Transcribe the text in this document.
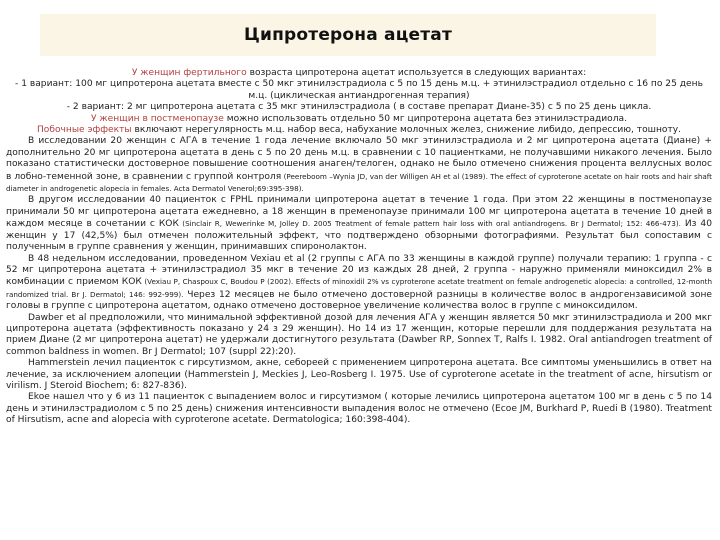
Ципротерона ацетат

У женщин фертильного возраста ципротерона ацетат используется в следующих вариантах:

- 1 вариант: 100 мг ципротерона ацетата вместе с 50 мкг этинилэстрадиола с 5 по 15 день м.ц. + этинилэстрадиол отдельно с 16 по 25 день м.ц. (циклическая антиандрогенная терапия)

- 2 вариант: 2 мг ципротерона ацетата с 35 мкг этинилэстрадиола ( в составе препарат Диане-35) с 5 по 25 день цикла.

У женщин в постменопаузе можно использовать отдельно 50 мг ципротерона ацетата без этинилэстрадиола.

Побочные эффекты включают нерегулярность м.ц. набор веса, набухание молочных желез, снижение либидо, депрессию, тошноту.

В исследовании 20 женщин с АГА в течение 1 года лечение включало 50 мкг этинилэстрадиола и 2 мг ципротерона ацетата (Диане) + дополнительно 20 мг ципротерона ацетата в день с 5 по 20 день м.ц. в сравнении с 10 пациентками, не получавшими никакого лечения. Было показано статистически достоверное повышение соотношения анаген/телоген, однако не было отмечено снижения процента веллусных волос в лобно-теменной зоне, в сравнении с группой контроля (Peereboom –Wynia JD, van der Willigen AH et al (1989). The effect of cyproterone acetate on hair roots and hair shaft diameter in androgenetic alopecia in females. Acta Dermatol Venerol;69:395-398).

В другом исследовании 40 пациенток с FPHL принимали ципротерона ацетат в течение 1 года. При этом 22 женщины в постменопаузе принимали 50 мг ципротерона ацетата ежедневно, а 18 женщин в пременопаузе принимали 100 мг ципротерона ацетата в течение 10 дней в каждом месяце в сочетании с КОК (Sinclair R, Wewerinke M, Jolley D. 2005 Treatment of female pattern hair loss with oral antiandrogens. Br J Dermatol; 152: 466-473). Из 40 женщин у 17 (42,5%) был отмечен положительный эффект, что подтверждено обзорными фотографиями. Результат был сопоставим с полученным в группе сравнения у женщин, принимавших спиронолактон.

В 48 недельном исследовании, проведенном Vexiau et al (2 группы с АГА по 33 женщины в каждой группе) получали терапию: 1 группа - с 52 мг ципротерона ацетата + этинилэстрадиол 35 мкг в течение 20 из каждых 28 дней, 2 группа - наружно применяли миноксидил 2% в комбинации с приемом КОК (Vexiau P, Chaspoux C, Boudou P (2002). Effects of minoxidil 2% vs cyproterone acetate treatment on female androgenetic alopecia: a controlled, 12-month randomized trial. Br J. Dermatol; 146: 992-999). Через 12 месяцев не было отмечено достоверной разницы в количестве волос в андрогензависимой зоне головы в группе с ципротерона ацетатом, однако отмечено достоверное увеличение количества волос в группе с миноксидилом.

Dawber et al предположили, что минимальной эффективной дозой для лечения АГА у женщин является 50 мкг этинилэстрадиола и 200 мкг ципротерона ацетата (эффективность показано у 24 з 29 женщин). Но 14 из 17 женщин, которые перешли для поддержания результата на прием Диане (2 мг ципротерона ацетат) не удержали достигнутого результата (Dawber RP, Sonnex T, Ralfs I. 1982. Oral antiandrogen treatment of common baldness in women. Br J Dermatol; 107 (suppl 22):20).

Hammerstein лечил пациенток с гирсутизмом, акне, себореей с применением ципротерона ацетата. Все симптомы уменьшились в ответ на лечение, за исключением алопеции (Hammerstein J, Meckies J, Leo-Rosberg I. 1975. Use of cyproterone acetate in the treatment of acne, hirsutism or virilism. J Steroid Biochem; 6: 827-836).

Ekoe нашел что у 6 из 11 пациенток с выпадением волос и гирсутизмом ( которые лечились ципротерона ацетатом 100 мг в день с 5 по 14 день и этинилэстрадиолом с 5 по 25 день) снижения интенсивности выпадения волос не отмечено (Ecoe JM, Burkhard P, Ruedi B (1980). Treatment of Hirsutism, acne and alopecia with cyproterone acetate. Dermatologica; 160:398-404).
